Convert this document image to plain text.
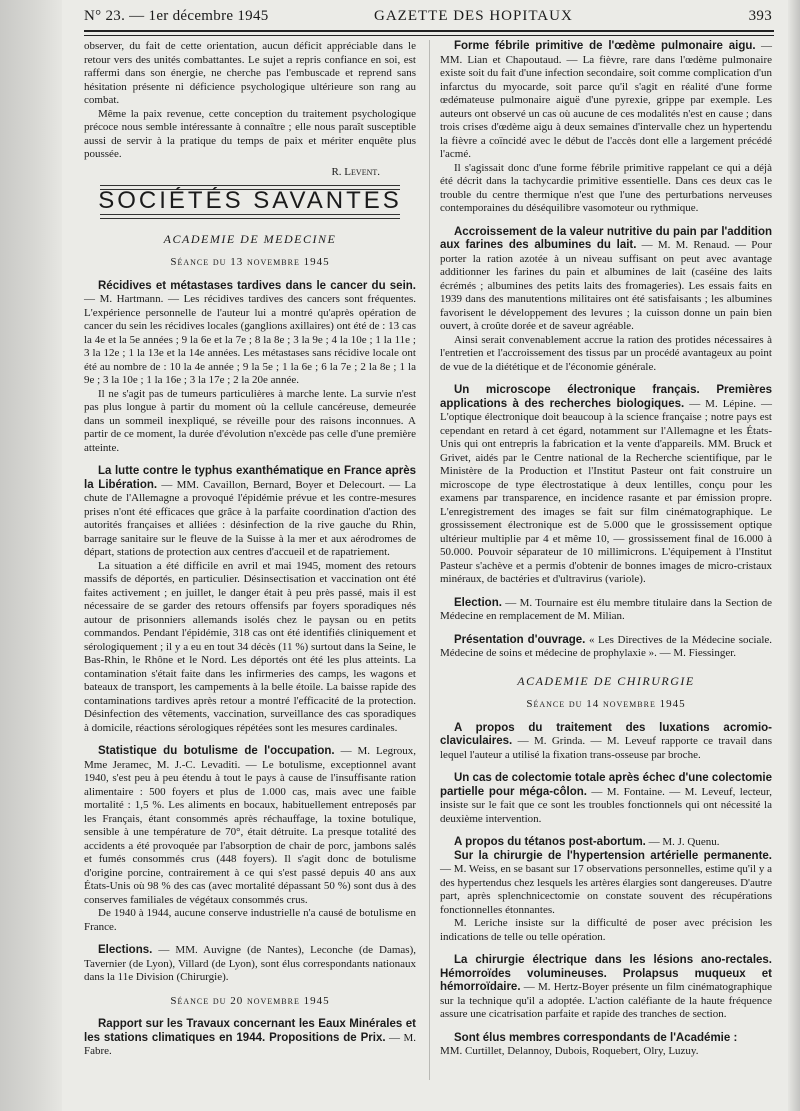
N° 23. — 1er décembre 1945	GAZETTE DES HOPITAUX	393

observer, du fait de cette orientation, aucun déficit appréciable dans le retour vers des unités combattantes. Le sujet a repris confiance en soi, est raffermi dans son énergie, ne cherche pas l'embuscade et reprend sans hésitation présente ni déficience psychologique ultérieure son rang au combat.

Même la paix revenue, cette conception du traitement psychologique précoce nous semble intéressante à connaître ; elle nous paraît susceptible aussi de servir à la pratique du temps de paix et mériter enquête plus poussée.

R. Levent.

SOCIÉTÉS SAVANTES
ACADEMIE DE MEDECINE
Séance du 13 novembre 1945

Récidives et métastases tardives dans le cancer du sein. — M. Hartmann. — Les récidives tardives des cancers sont fréquentes. L'expérience personnelle de l'auteur lui a montré qu'après opération de cancer du sein les récidives locales (ganglions axillaires) ont été de : 13 cas la 4e et la 5e années ; 9 la 6e et la 7e ; 8 la 8e ; 3 la 9e ; 4 la 10e ; 1 la 11e ; 3 la 12e ; 1 la 13e et la 14e années. Les métastases sans récidive locale ont été au nombre de : 10 la 4e année ; 9 la 5e ; 1 la 6e ; 6 la 7e ; 2 la 8e ; 1 la 9e ; 3 la 10e ; 1 la 16e ; 3 la 17e ; 2 la 20e année.

Il ne s'agit pas de tumeurs particulières à marche lente. La survie n'est pas plus longue à partir du moment où la cellule cancéreuse, demeurée dans un sommeil inexpliqué, se réveille pour des raisons inconnues. A partir de ce moment, la durée d'évolution n'excède pas celle d'une première atteinte.

La lutte contre le typhus exanthématique en France après la Libération. — MM. Cavaillon, Bernard, Boyer et Delecourt. — La chute de l'Allemagne a provoqué l'épidémie prévue et les contre-mesures prises n'ont été efficaces que grâce à la parfaite coordination d'action des autorités françaises et alliées : désinfection de la rive gauche du Rhin, barrage sanitaire sur le fleuve de la Suisse à la mer et aux aérodromes de départ, stations de protection aux centres d'accueil et de rapatriement.

La situation a été difficile en avril et mai 1945, moment des retours massifs de déportés, en particulier. Désinsectisation et vaccination ont été faites activement ; en juillet, le danger était à peu près passé, mais il est nécessaire de se garder des retours offensifs par foyers sporadiques nés autour de prisonniers allemands isolés chez le paysan ou en petits commandos. Pendant l'épidémie, 318 cas ont été identifiés cliniquement et sérologiquement ; il y a eu en tout 34 décès (11 %) surtout dans la Seine, le Bas-Rhin, le Rhône et le Nord. Les déportés ont été les plus atteints. La contamination s'était faite dans les infirmeries des camps, les wagons et bateaux de transport, les campements à la belle étoile. La baisse rapide des contaminations tardives après retour a montré l'efficacité de la protection. Désinfection des vêtements, vaccination, surveillance des cas sporadiques à domicile, réactions sérologiques répétées sont les mesures cardinales.

Statistique du botulisme de l'occupation. — M. Legroux, Mme Jeramec, M. J.-C. Levaditi. — Le botulisme, exceptionnel avant 1940, s'est peu à peu étendu à tout le pays à cause de l'insuffisante ration alimentaire : 500 foyers et plus de 1.000 cas, mais avec une faible mortalité : 1,5 %. Les aliments en bocaux, habituellement entreposés par les Français, étant consommés après réchauffage, la toxine botulique, sensible à une température de 70°, était détruite. La presque totalité des accidents a été provoquée par l'absorption de chair de porc, jambons salés et fumés consommés crus (448 foyers). Il s'agit donc de botulisme d'origine porcine, contrairement à ce qui s'est passé depuis 40 ans aux États-Unis où 98 % des cas (avec mortalité dépassant 50 %) sont dus à des conserves familiales de végétaux consommés crus.

De 1940 à 1944, aucune conserve industrielle n'a causé de botulisme en France.

Elections. — MM. Auvigne (de Nantes), Leconche (de Damas), Tavernier (de Lyon), Villard (de Lyon), sont élus correspondants nationaux dans la 11e Division (Chirurgie).

Séance du 20 novembre 1945

Rapport sur les Travaux concernant les Eaux Minérales et les stations climatiques en 1944. Propositions de Prix. — M. Fabre.

Forme fébrile primitive de l'œdème pulmonaire aigu. — MM. Lian et Chapoutaud. — La fièvre, rare dans l'œdème pulmonaire existe soit du fait d'une infection secondaire, soit comme complication d'un infarctus du myocarde, soit parce qu'il s'agit en réalité d'une forme œdémateuse pulmonaire aiguë d'une pyrexie, grippe par exemple. Les auteurs ont observé un cas où aucune de ces modalités n'est en cause ; dans trois crises d'œdème aigu à deux semaines d'intervalle chez un hypertendu la fièvre a coïncidé avec le début de l'accès dont elle a largement précédé l'acmé.

Il s'agissait donc d'une forme fébrile primitive rappelant ce qui a déjà été décrit dans la tachycardie primitive essentielle. Dans ces deux cas le trouble du centre thermique n'est que l'une des perturbations nerveuses contemporaines du déséquilibre vasomoteur ou rythmique.

Accroissement de la valeur nutritive du pain par l'addition aux farines des albumines du lait. — M. M. Renaud. — Pour porter la ration azotée à un niveau suffisant on peut avec avantage additionner les farines du pain et albumines de lait (caséine des laits écrémés ; albumines des petits laits des fromageries). Les essais faits en 1939 dans des manutentions militaires ont été satisfaisants ; les albumines favorisent le développement des levures ; la cuisson donne un pain bien ouvert, à croûte dorée et de saveur agréable.

Ainsi serait convenablement accrue la ration des protides nécessaires à l'entretien et l'accroissement des tissus par un procédé avantageux au point de vue de la diététique et de l'économie générale.

Un microscope électronique français. Premières applications à des recherches biologiques. — M. Lépine. — L'optique électronique doit beaucoup à la science française ; notre pays est cependant en retard à cet égard, notamment sur l'Allemagne et les États-Unis qui ont entrepris la fabrication et la vente d'appareils. MM. Bruck et Grivet, aidés par le Centre national de la Recherche scientifique, par le Ministère de la Production et l'Institut Pasteur ont fait construire un microscope de type électrostatique à deux lentilles, conçu pour les examens par transparence, en incidence rasante et par émission propre. L'enregistrement des images se fait sur film cinématographique. Le grossissement électronique est de 5.000 que le grossissement optique ultérieur multiplie par 4 et même 10, — grossissement final de 16.000 à 50.000. Pouvoir séparateur de 10 millimicrons. L'équipement à l'Institut Pasteur s'achève et a permis d'obtenir de bonnes images de micro-cristaux minéraux, de bactéries et d'ultravirus (variole).

Election. — M. Tournaire est élu membre titulaire dans la Section de Médecine en remplacement de M. Milian.

Présentation d'ouvrage. « Les Directives de la Médecine sociale. Médecine de soins et médecine de prophylaxie ». — M. Fiessinger.

ACADEMIE DE CHIRURGIE
Séance du 14 novembre 1945

A propos du traitement des luxations acromio-claviculaires. — M. Grinda. — M. Leveuf rapporte ce travail dans lequel l'auteur a utilisé la fixation trans-osseuse par broche.

Un cas de colectomie totale après échec d'une colectomie partielle pour méga-côlon. — M. Fontaine. — M. Leveuf, lecteur, insiste sur le fait que ce sont les troubles fonctionnels qui ont nécessité la deuxième intervention.

A propos du tétanos post-abortum. — M. J. Quenu.

Sur la chirurgie de l'hypertension artérielle permanente. — M. Weiss, en se basant sur 17 observations personnelles, estime qu'il y a des hypertendus chez lesquels les artères élargies sont dangereuses. D'autre part, après splenchnicectomie on constate souvent des récupérations fonctionnelles étonnantes.

M. Leriche insiste sur la difficulté de poser avec précision les indications de telle ou telle opération.

La chirurgie électrique dans les lésions ano-rectales. Hémorroïdes volumineuses. Prolapsus muqueux et hémorroïdaire. — M. Hertz-Boyer présente un film cinématographique sur la technique qu'il a adoptée. L'action caléfiante de la haute fréquence assure une cicatrisation parfaite et rapide des tranches de section.

Sont élus membres correspondants de l'Académie :

MM. Curtillet, Delannoy, Dubois, Roquebert, Olry, Luzuy.
